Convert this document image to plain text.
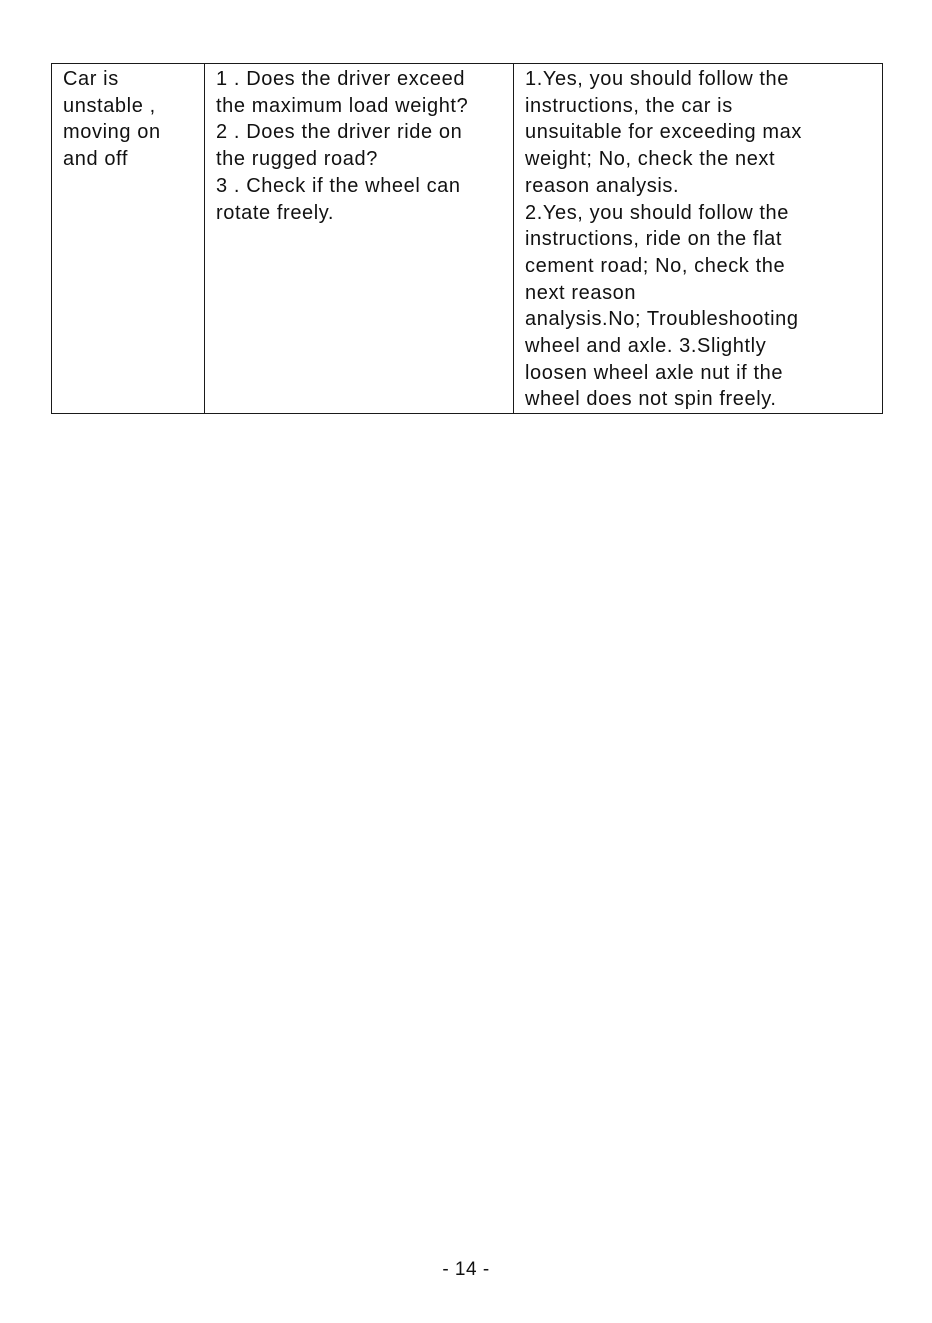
Car is
unstable ,
moving on
and off

1 . Does the driver exceed
the maximum load weight?
2 . Does the driver ride on
the rugged road?
3 . Check if the wheel can
rotate freely.

1.Yes, you should follow the
instructions, the car is
unsuitable for exceeding max
weight; No, check the next
reason analysis.
2.Yes, you should follow the
instructions, ride on the flat
cement road; No, check the
next reason
analysis.No; Troubleshooting
wheel and axle. 3.Slightly
loosen wheel axle nut if the
wheel does not spin freely.
- 14 -
